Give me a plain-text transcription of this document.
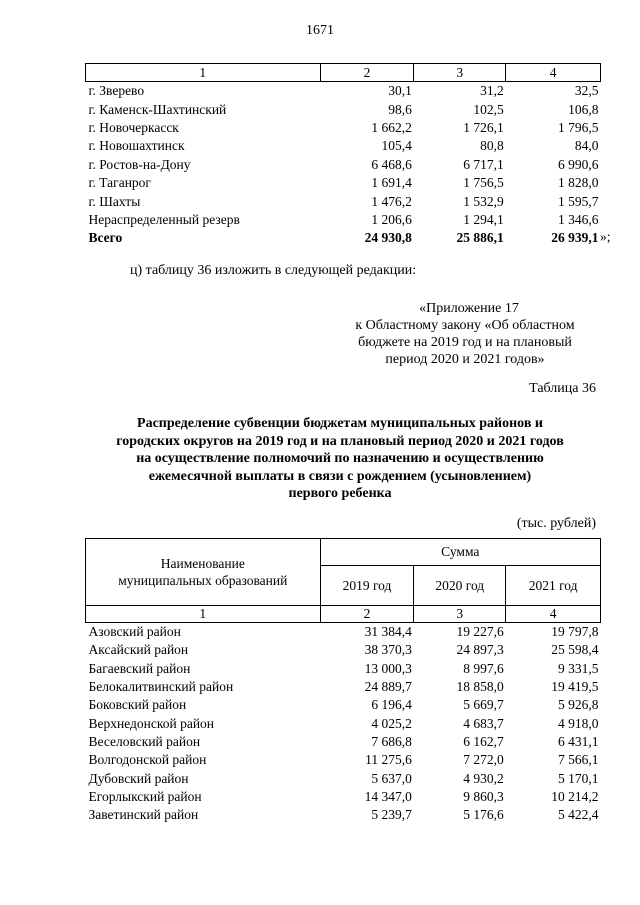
1671
1	2	3	4
г. Зверево	30,1	31,2	32,5
г. Каменск-Шахтинский	98,6	102,5	106,8
г. Новочеркасск	1 662,2	1 726,1	1 796,5
г. Новошахтинск	105,4	80,8	84,0
г. Ростов-на-Дону	6 468,6	6 717,1	6 990,6
г. Таганрог	1 691,4	1 756,5	1 828,0
г. Шахты	1 476,2	1 532,9	1 595,7
Нераспределенный резерв	1 206,6	1 294,1	1 346,6
Всего	24 930,8	25 886,1	26 939,1 »;
ц) таблицу 36 изложить в следующей редакции:
«Приложение 17
к Областному закону «Об областном
бюджете на 2019 год и на плановый
период 2020 и 2021 годов»
Таблица 36
Распределение субвенции бюджетам муниципальных районов и
городских округов на 2019 год и на плановый период 2020 и 2021 годов
на осуществление полномочий по назначению и осуществлению
ежемесячной выплаты в связи с рождением (усыновлением)
первого ребенка
(тыс. рублей)
Наименование
муниципальных образований	Сумма		
	2019 год	2020 год	2021 год
1	2	3	4
Азовский район	31 384,4	19 227,6	19 797,8
Аксайский район	38 370,3	24 897,3	25 598,4
Багаевский район	13 000,3	8 997,6	9 331,5
Белокалитвинский район	24 889,7	18 858,0	19 419,5
Боковский район	6 196,4	5 669,7	5 926,8
Верхнедонской район	4 025,2	4 683,7	4 918,0
Веселовский район	7 686,8	6 162,7	6 431,1
Волгодонской район	11 275,6	7 272,0	7 566,1
Дубовский район	5 637,0	4 930,2	5 170,1
Егорлыкский район	14 347,0	9 860,3	10 214,2
Заветинский район	5 239,7	5 176,6	5 422,4
